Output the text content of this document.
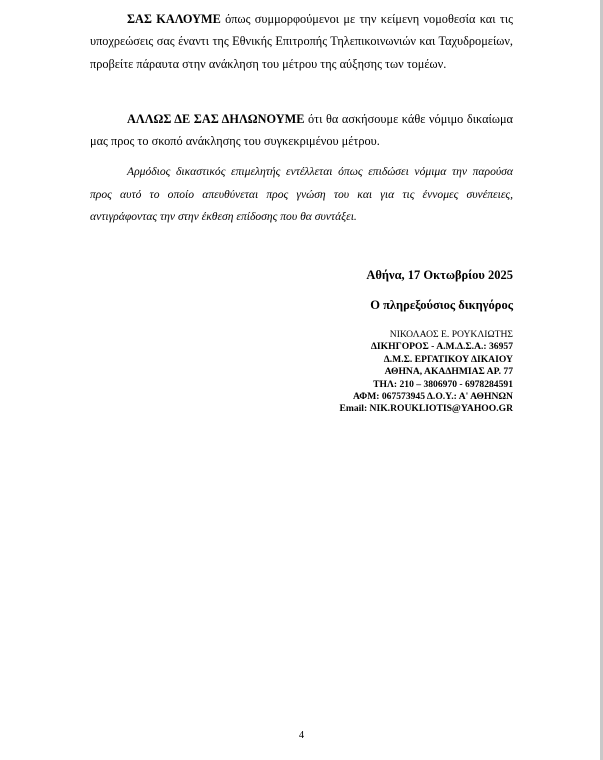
ΣΑΣ ΚΑΛΟΥΜΕ όπως συμμορφούμενοι με την κείμενη νομοθεσία και τις υποχρεώσεις σας έναντι της Εθνικής Επιτροπής Τηλεπικοινωνιών και Ταχυδρομείων, προβείτε πάραυτα στην ανάκληση του μέτρου της αύξησης των τομέων.

ΑΛΛΩΣ ΔΕ ΣΑΣ ΔΗΛΩΝΟΥΜΕ ότι θα ασκήσουμε κάθε νόμιμο δικαίωμα μας προς το σκοπό ανάκλησης του συγκεκριμένου μέτρου.

Αρμόδιος δικαστικός επιμελητής εντέλλεται όπως επιδώσει νόμιμα την παρούσα προς αυτό το οποίο απευθύνεται προς γνώση του και για τις έννομες συνέπειες, αντιγράφοντας την στην έκθεση επίδοσης που θα συντάξει.

Αθήνα, 17 Οκτωβρίου 2025

Ο πληρεξούσιος δικηγόρος

ΝΙΚΟΛΑΟΣ Ε. ΡΟΥΚΛΙΩΤΗΣ
ΔΙΚΗΓΟΡΟΣ - Α.Μ.Δ.Σ.Α.: 36957
Δ.Μ.Σ. ΕΡΓΑΤΙΚΟΥ ΔΙΚΑΙΟΥ
ΑΘΗΝΑ, ΑΚΑΔΗΜΙΑΣ ΑΡ. 77
ΤΗΛ: 210 – 3806970 - 6978284591
ΑΦΜ: 067573945 Δ.Ο.Υ.: Α' ΑΘΗΝΩΝ
Email: NIK.ROUKLIOTIS@YAHOO.GR

4
